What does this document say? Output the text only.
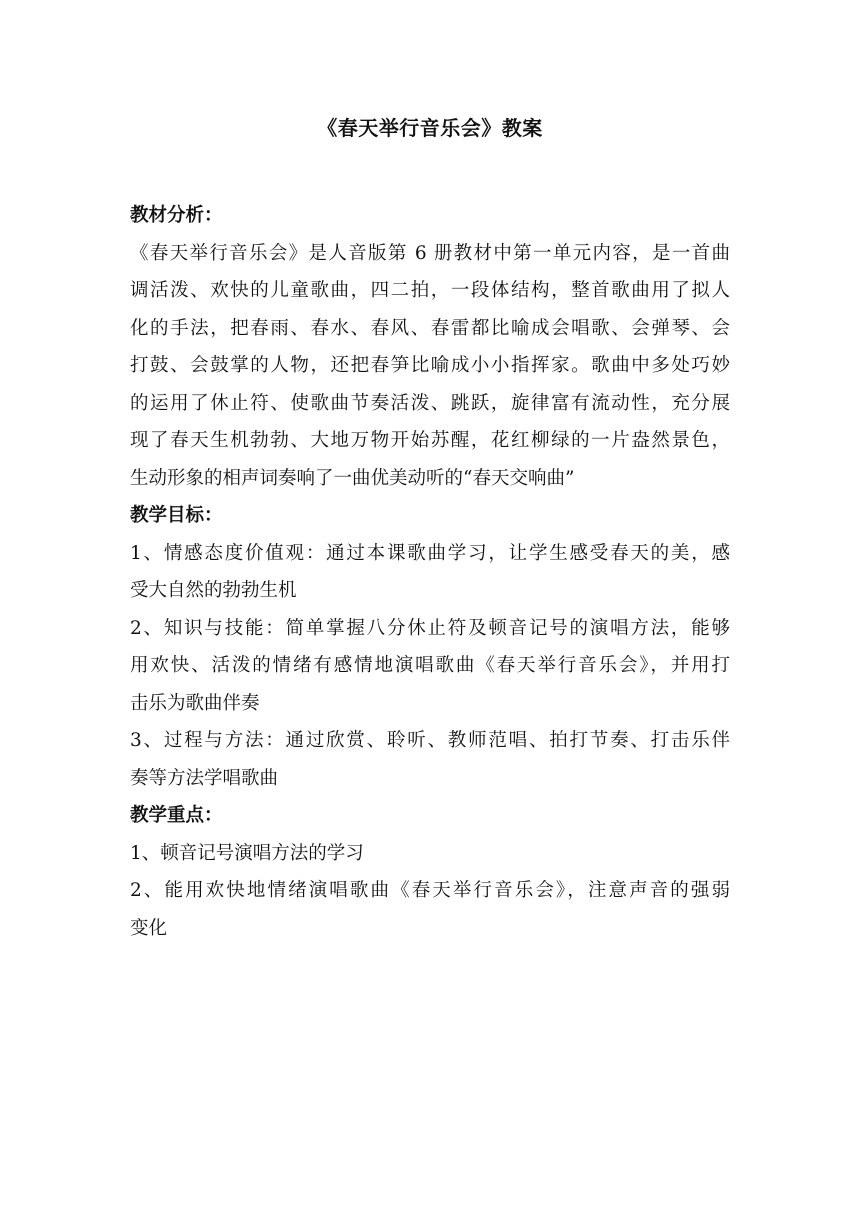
《春天举行音乐会》教案
教材分析：
《春天举行音乐会》是人音版第 6 册教材中第一单元内容，是一首曲
调活泼、欢快的儿童歌曲，四二拍，一段体结构，整首歌曲用了拟人
化的手法，把春雨、春水、春风、春雷都比喻成会唱歌、会弹琴、会
打鼓、会鼓掌的人物，还把春笋比喻成小小指挥家。歌曲中多处巧妙
的运用了休止符、使歌曲节奏活泼、跳跃，旋律富有流动性，充分展
现了春天生机勃勃、大地万物开始苏醒，花红柳绿的一片盎然景色，
生动形象的相声词奏响了一曲优美动听的“春天交响曲”
教学目标：
1、情感态度价值观：通过本课歌曲学习，让学生感受春天的美，感
受大自然的勃勃生机
2、知识与技能：简单掌握八分休止符及顿音记号的演唱方法，能够
用欢快、活泼的情绪有感情地演唱歌曲《春天举行音乐会》，并用打
击乐为歌曲伴奏
3、过程与方法：通过欣赏、聆听、教师范唱、拍打节奏、打击乐伴
奏等方法学唱歌曲
教学重点：
1、顿音记号演唱方法的学习
2、能用欢快地情绪演唱歌曲《春天举行音乐会》，注意声音的强弱
变化
